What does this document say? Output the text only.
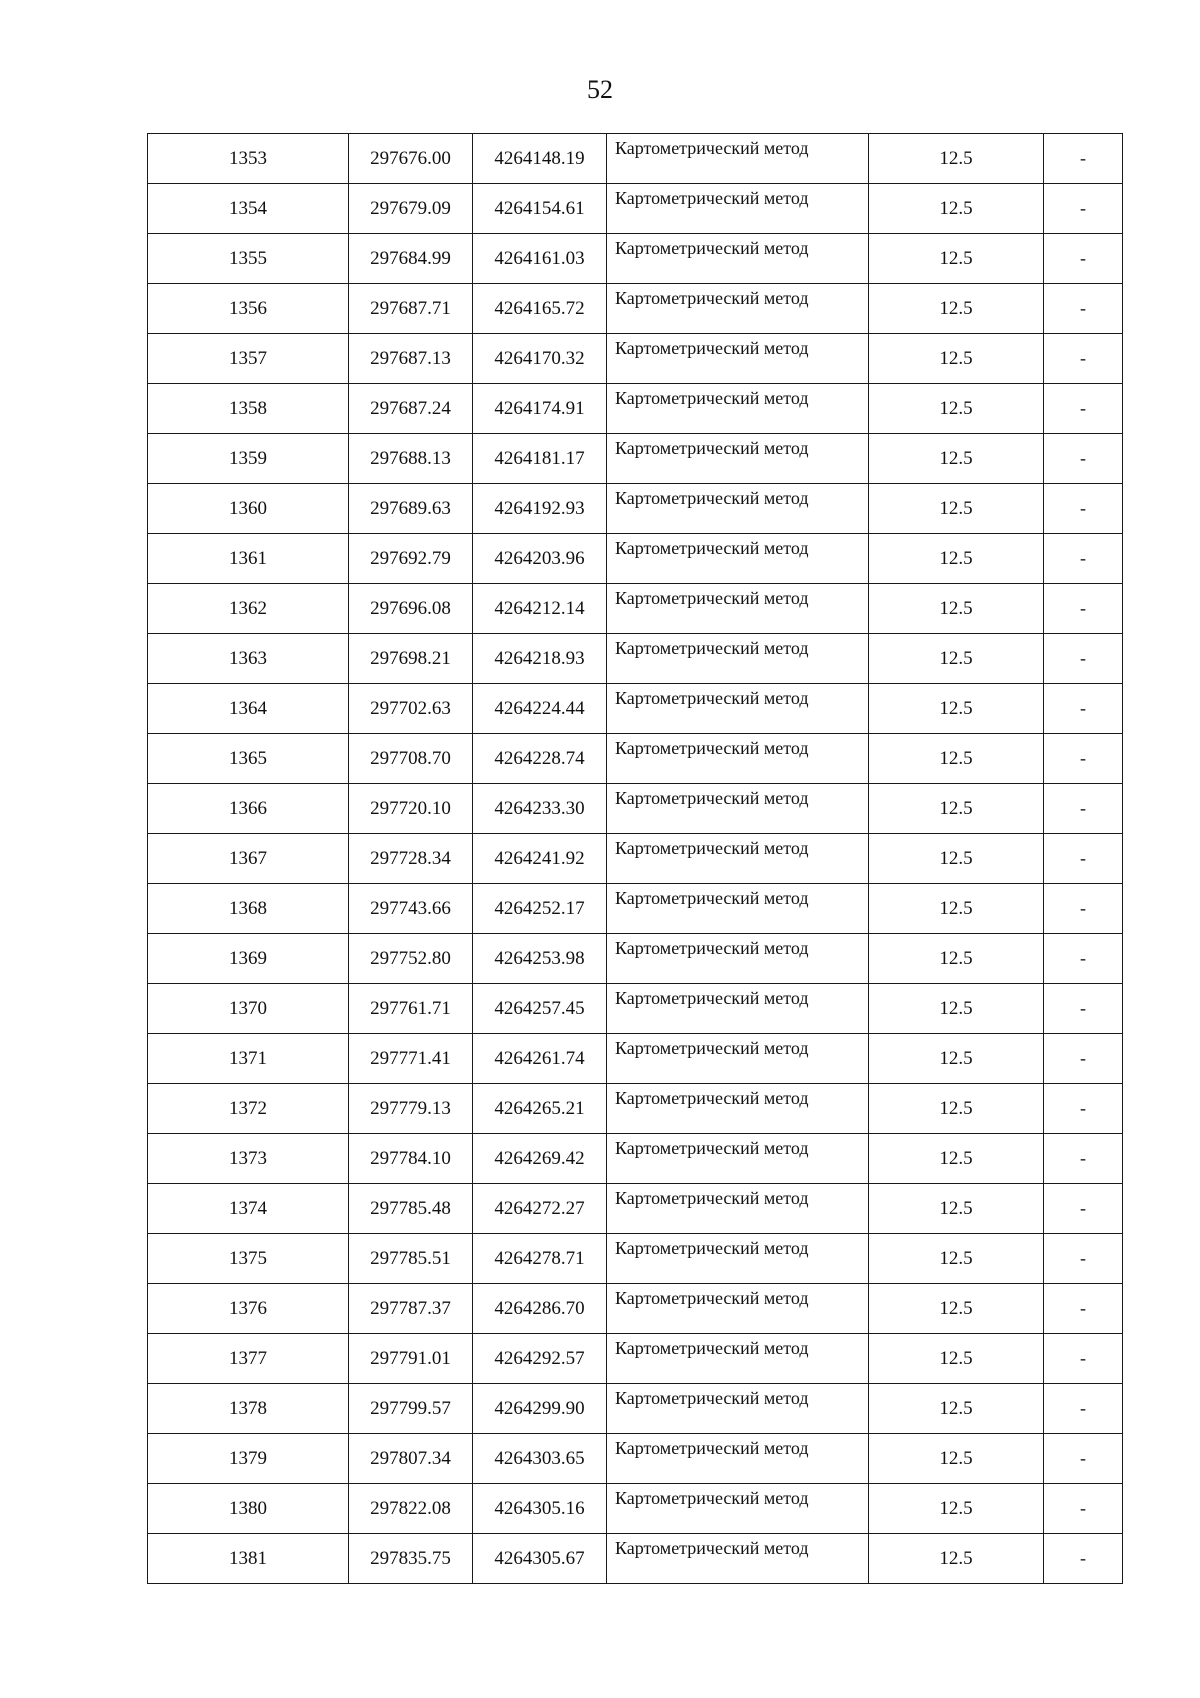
52
1353	297676.00	4264148.19	Картометрический метод	12.5	-
1354	297679.09	4264154.61	Картометрический метод	12.5	-
1355	297684.99	4264161.03	Картометрический метод	12.5	-
1356	297687.71	4264165.72	Картометрический метод	12.5	-
1357	297687.13	4264170.32	Картометрический метод	12.5	-
1358	297687.24	4264174.91	Картометрический метод	12.5	-
1359	297688.13	4264181.17	Картометрический метод	12.5	-
1360	297689.63	4264192.93	Картометрический метод	12.5	-
1361	297692.79	4264203.96	Картометрический метод	12.5	-
1362	297696.08	4264212.14	Картометрический метод	12.5	-
1363	297698.21	4264218.93	Картометрический метод	12.5	-
1364	297702.63	4264224.44	Картометрический метод	12.5	-
1365	297708.70	4264228.74	Картометрический метод	12.5	-
1366	297720.10	4264233.30	Картометрический метод	12.5	-
1367	297728.34	4264241.92	Картометрический метод	12.5	-
1368	297743.66	4264252.17	Картометрический метод	12.5	-
1369	297752.80	4264253.98	Картометрический метод	12.5	-
1370	297761.71	4264257.45	Картометрический метод	12.5	-
1371	297771.41	4264261.74	Картометрический метод	12.5	-
1372	297779.13	4264265.21	Картометрический метод	12.5	-
1373	297784.10	4264269.42	Картометрический метод	12.5	-
1374	297785.48	4264272.27	Картометрический метод	12.5	-
1375	297785.51	4264278.71	Картометрический метод	12.5	-
1376	297787.37	4264286.70	Картометрический метод	12.5	-
1377	297791.01	4264292.57	Картометрический метод	12.5	-
1378	297799.57	4264299.90	Картометрический метод	12.5	-
1379	297807.34	4264303.65	Картометрический метод	12.5	-
1380	297822.08	4264305.16	Картометрический метод	12.5	-
1381	297835.75	4264305.67	Картометрический метод	12.5	-
